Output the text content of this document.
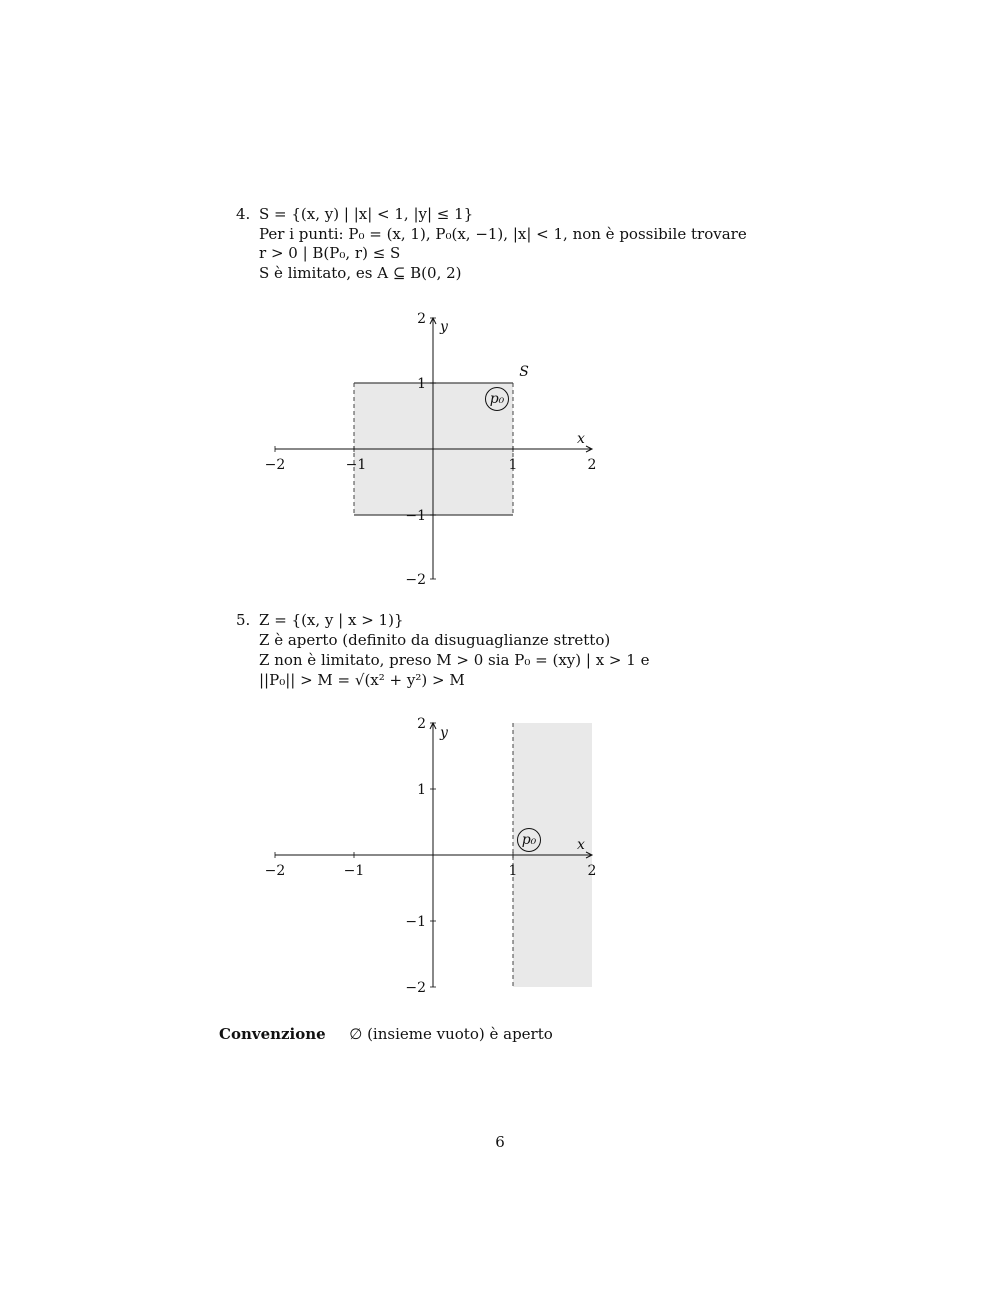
4. S = {(x, y) | |x| < 1, |y| ≤ 1}
Per i punti: P₀ = (x, 1), P₀(x, −1), |x| < 1, non è possibile trovare
r > 0 | B(P₀, r) ≤ S
S è limitato, es A ⊆ B(0, 2)
−2	−1	1	2
2
1
−1
−2
x
y
S
p₀
5. Z = {(x, y | x > 1)}
Z è aperto (definito da disuguaglianze stretto)
Z non è limitato, preso M > 0 sia P₀ = (xy) | x > 1 e
||P₀|| > M = √(x² + y²) > M
−2	−1	1	2
2
1
−1
−2
x
y
p₀
Convenzione ∅ (insieme vuoto) è aperto
6
